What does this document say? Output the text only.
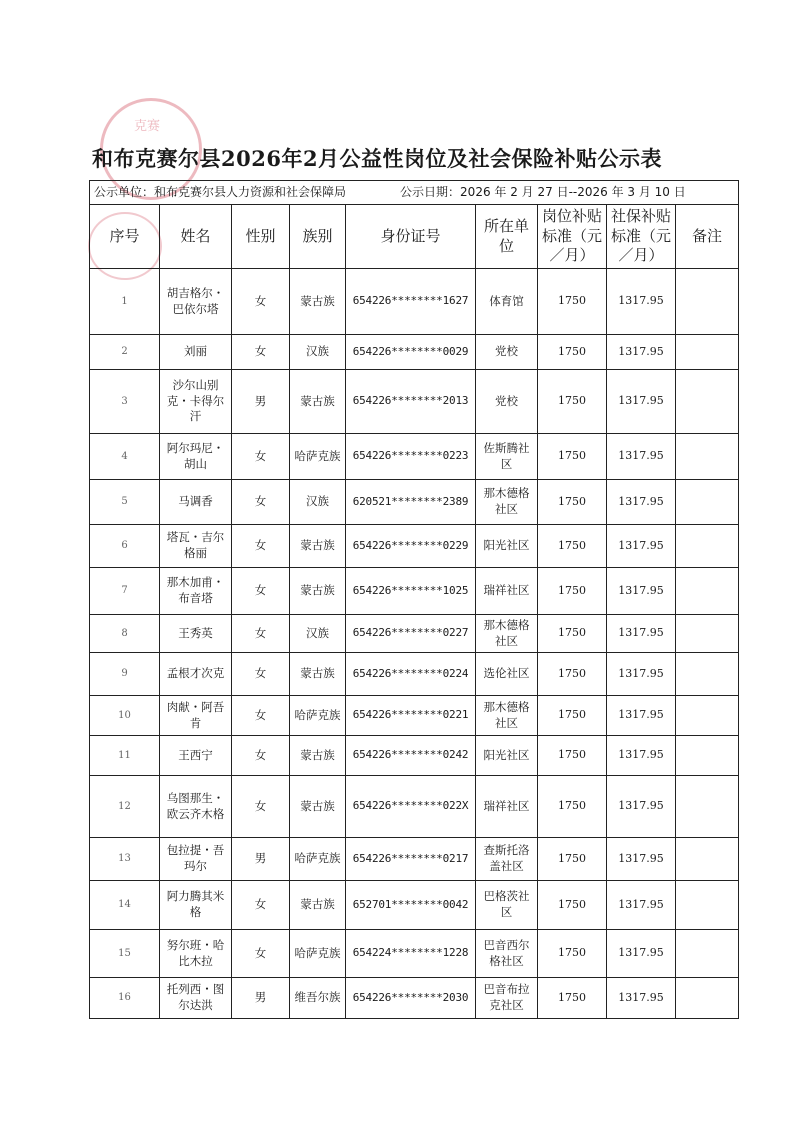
克赛
和布克赛尔县2026年2月公益性岗位及社会保险补贴公示表
公示单位：和布克赛尔县人力资源和社会保障局 公示日期：2026 年 2 月 27 日--2026 年 3 月 10 日								
序号	姓名	性别	族别	身份证号	所在单位	岗位补贴标准（元／月）	社保补贴标准（元／月）	备注
1	胡吉格尔・巴依尔塔	女	蒙古族	654226********1627	体育馆	1750	1317.95	
2	刘丽	女	汉族	654226********0029	党校	1750	1317.95	
3	沙尔山别克・卡得尔汗	男	蒙古族	654226********2013	党校	1750	1317.95	
4	阿尔玛尼・胡山	女	哈萨克族	654226********0223	佐斯腾社区	1750	1317.95	
5	马调香	女	汉族	620521********2389	那木德格社区	1750	1317.95	
6	塔瓦・吉尔格丽	女	蒙古族	654226********0229	阳光社区	1750	1317.95	
7	那木加甫・布音塔	女	蒙古族	654226********1025	瑞祥社区	1750	1317.95	
8	王秀英	女	汉族	654226********0227	那木德格社区	1750	1317.95	
9	孟根才次克	女	蒙古族	654226********0224	选伦社区	1750	1317.95	
10	肉献・阿吾肯	女	哈萨克族	654226********0221	那木德格社区	1750	1317.95	
11	王西宁	女	蒙古族	654226********0242	阳光社区	1750	1317.95	
12	乌图那生・欧云齐木格	女	蒙古族	654226********022X	瑞祥社区	1750	1317.95	
13	包拉提・吾玛尔	男	哈萨克族	654226********0217	查斯托洛盖社区	1750	1317.95	
14	阿力腾其米格	女	蒙古族	652701********0042	巴格茨社区	1750	1317.95	
15	努尔班・哈比木拉	女	哈萨克族	654224********1228	巴音西尔格社区	1750	1317.95	
16	托列西・图尔达洪	男	维吾尔族	654226********2030	巴音布拉克社区	1750	1317.95	
